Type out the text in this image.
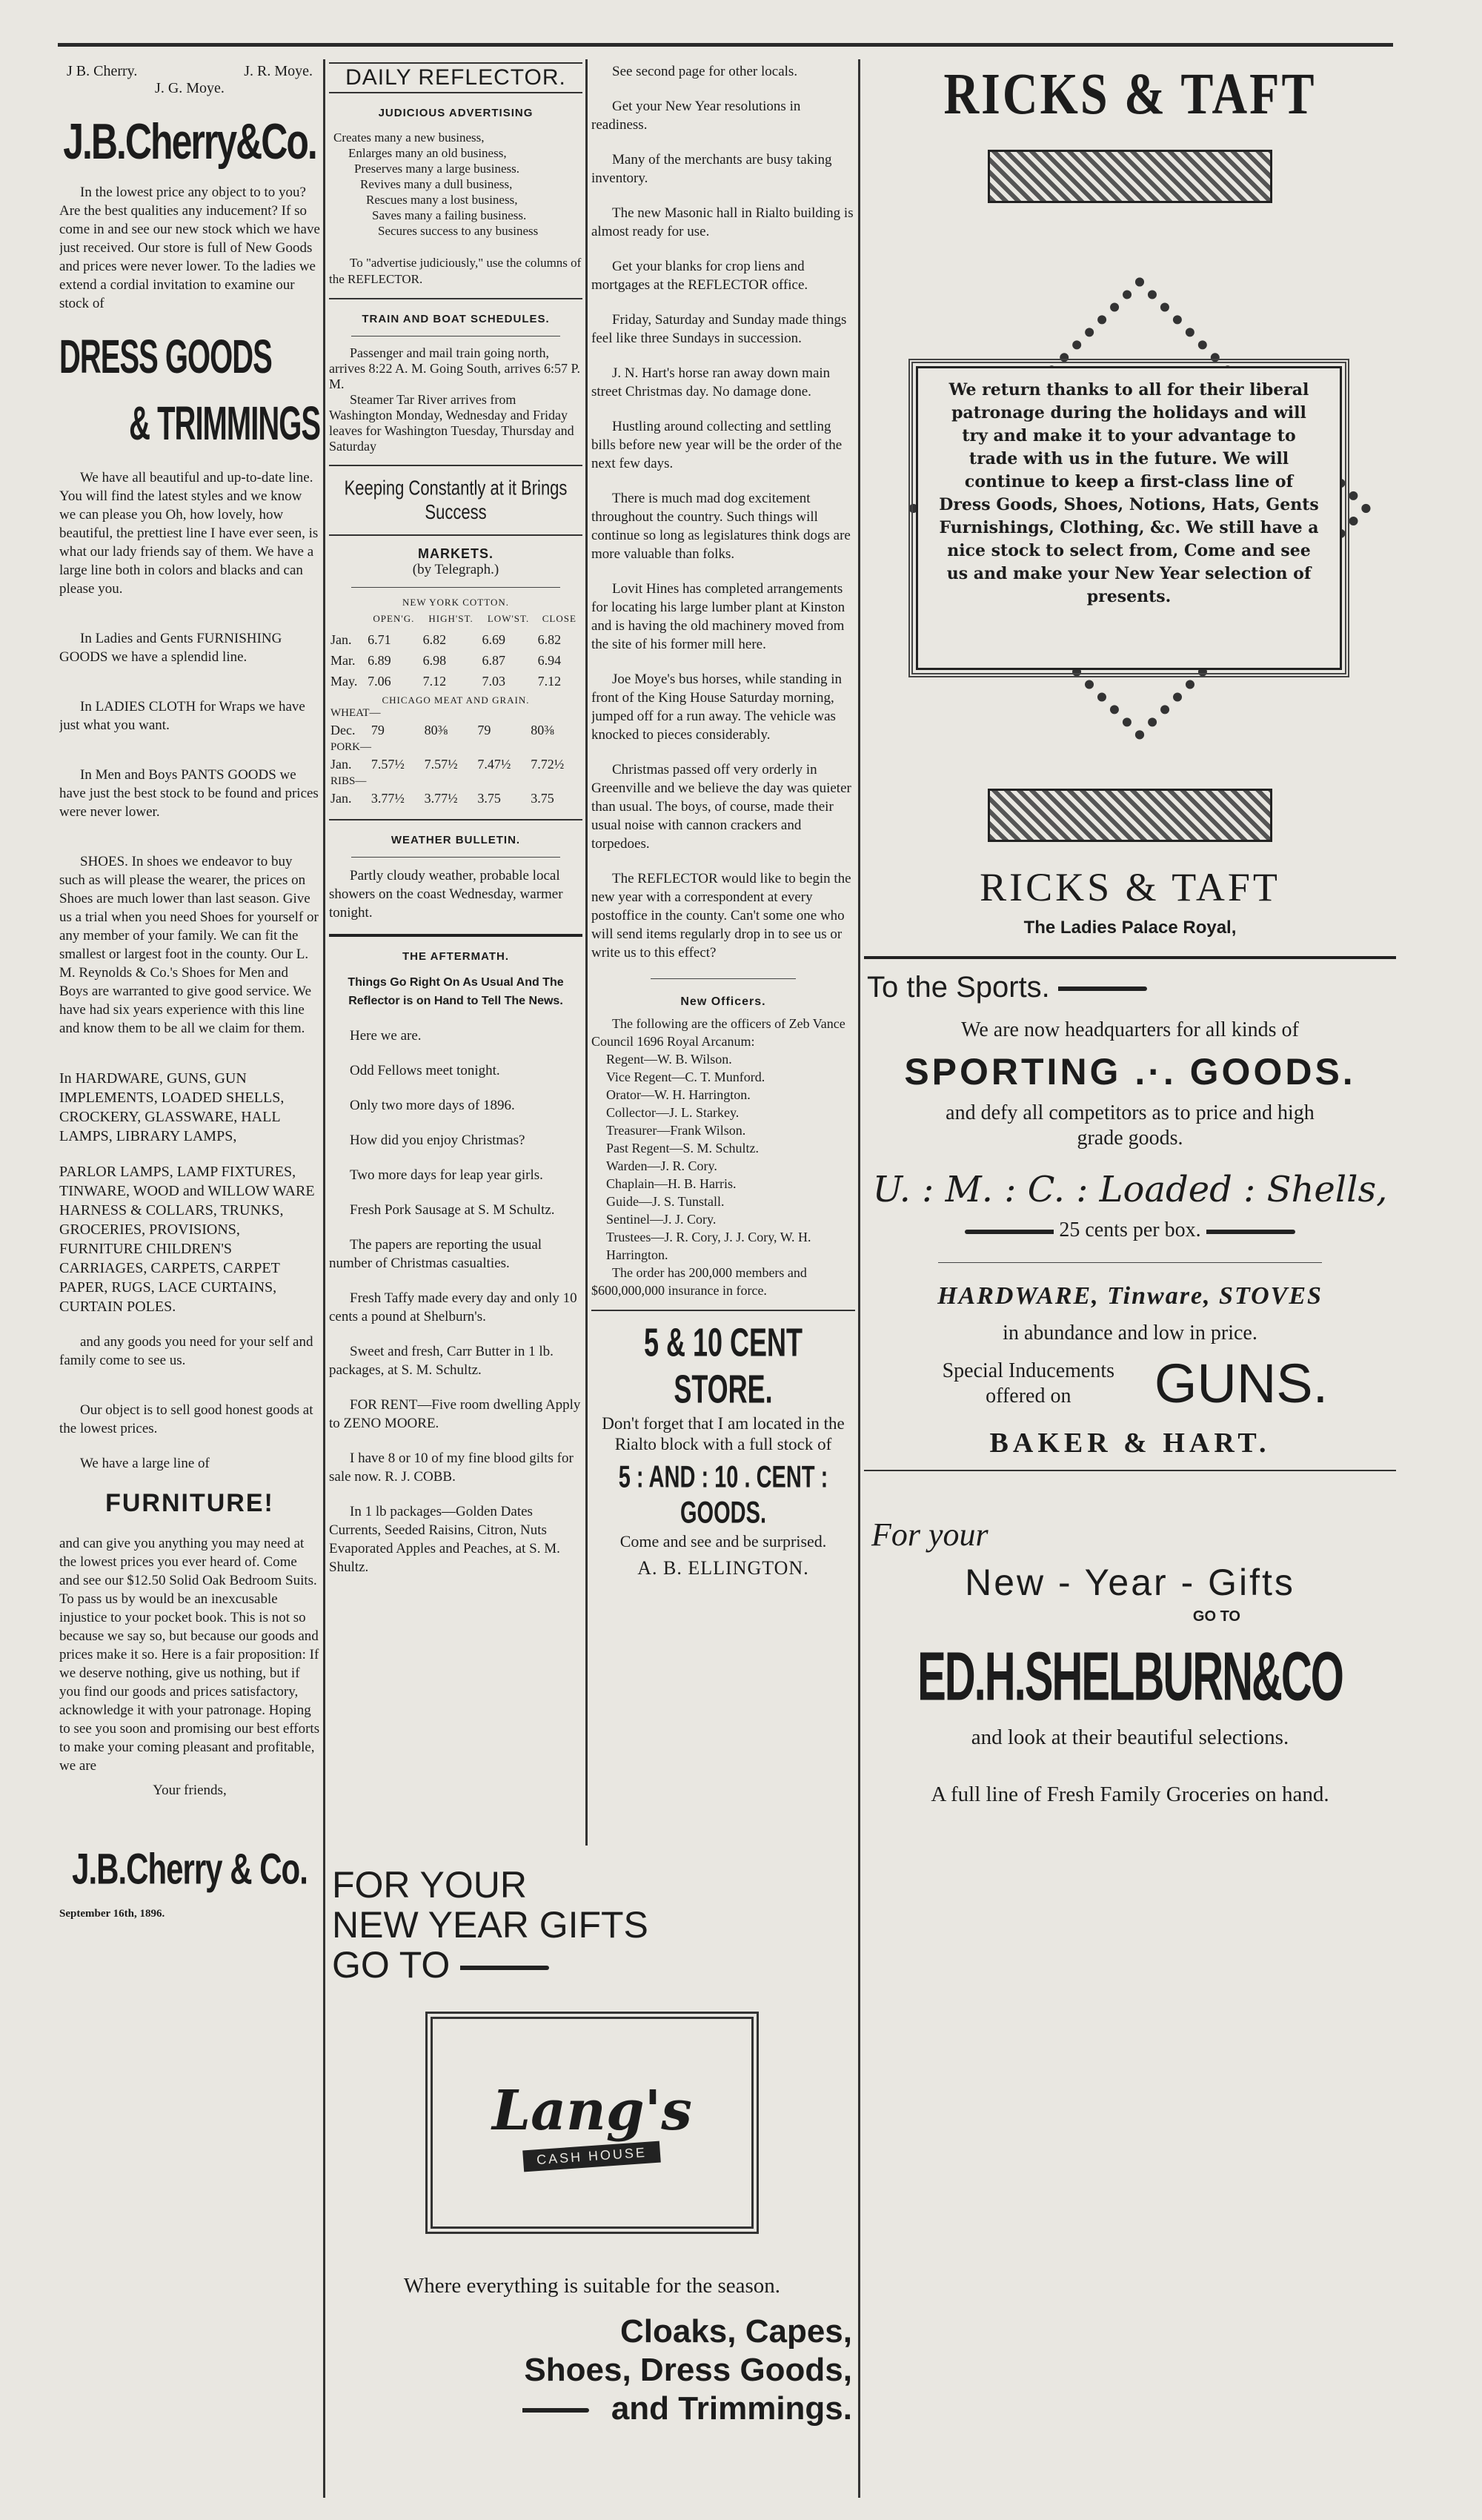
J B. Cherry.	J. R. Moye.

J. G. Moye.

J.B.Cherry&Co.

In the lowest price any object to to you? Are the best qualities any inducement? If so come in and see our new stock which we have just received. Our store is full of New Goods and prices were never lower. To the ladies we extend a cordial invitation to examine our stock of

DRESS GOODS

& TRIMMINGS

We have all beautiful and up-to-date line. You will find the latest styles and we know we can please you Oh, how lovely, how beautiful, the prettiest line I have ever seen, is what our lady friends say of them. We have a large line both in colors and blacks and can please you.

In Ladies and Gents FURNISHING GOODS we have a splendid line.

In LADIES CLOTH for Wraps we have just what you want.

In Men and Boys PANTS GOODS we have just the best stock to be found and prices were never lower.

SHOES. In shoes we endeavor to buy such as will please the wearer, the prices on Shoes are much lower than last season. Give us a trial when you need Shoes for yourself or any member of your family. We can fit the smallest or largest foot in the county. Our L. M. Reynolds & Co.'s Shoes for Men and Boys are warranted to give good service. We have had six years experience with this line and know them to be all we claim for them.

In HARDWARE, GUNS, GUN IMPLEMENTS, LOADED SHELLS, CROCKERY, GLASSWARE, HALL LAMPS, LIBRARY LAMPS,

PARLOR LAMPS, LAMP FIXTURES, TINWARE, WOOD and WILLOW WARE HARNESS & COLLARS, TRUNKS, GROCERIES, PROVISIONS, FURNITURE CHILDREN'S CARRIAGES, CARPETS, CARPET PAPER, RUGS, LACE CURTAINS, CURTAIN POLES.

and any goods you need for your self and family come to see us.

Our object is to sell good honest goods at the lowest prices.

We have a large line of

FURNITURE!

and can give you anything you may need at the lowest prices you ever heard of. Come and see our $12.50 Solid Oak Bedroom Suits. To pass us by would be an inexcusable injustice to your pocket book. This is not so because we say so, but because our goods and prices make it so. Here is a fair proposition: If we deserve nothing, give us nothing, but if you find our goods and prices satisfactory, acknowledge it with your patronage. Hoping to see you soon and promising our best efforts to make your coming pleasant and profitable, we are

Your friends,

J.B.Cherry & Co.

September 16th, 1896.

DAILY REFLECTOR.

JUDICIOUS ADVERTISING

Creates many a new business,

Enlarges many an old business,

Preserves many a large business.

Revives many a dull business,

Rescues many a lost business,

Saves many a failing business.

Secures success to any business

To "advertise judiciously," use the columns of the REFLECTOR.

TRAIN AND BOAT SCHEDULES.

Passenger and mail train going north, arrives 8:22 A. M. Going South, arrives 6:57 P. M.

Steamer Tar River arrives from Washington Monday, Wednesday and Friday leaves for Washington Tuesday, Thursday and Saturday

Keeping Constantly at it Brings Success

MARKETS.

(by Telegraph.)

NEW YORK COTTON.

	OPEN'G.	HIGH'ST.	LOW'ST.	CLOSE
Jan.	6.71	6.82	6.69	6.82
Mar.	6.89	6.98	6.87	6.94
May.	7.06	7.12	7.03	7.12

CHICAGO MEAT AND GRAIN.

WHEAT—				
Dec.	79	80⅜	79	80⅜
PORK—				
Jan.	7.57½	7.57½	7.47½	7.72½
RIBS—				
Jan.	3.77½	3.77½	3.75	3.75

WEATHER BULLETIN.

Partly cloudy weather, probable local showers on the coast Wednesday, warmer tonight.

THE AFTERMATH.

Things Go Right On As Usual And The Reflector is on Hand to Tell The News.

Here we are.

Odd Fellows meet tonight.

Only two more days of 1896.

How did you enjoy Christmas?

Two more days for leap year girls.

Fresh Pork Sausage at S. M Schultz.

The papers are reporting the usual number of Christmas casualties.

Fresh Taffy made every day and only 10 cents a pound at Shelburn's.

Sweet and fresh, Carr Butter in 1 lb. packages, at S. M. Schultz.

FOR RENT—Five room dwelling Apply to ZENO MOORE.

I have 8 or 10 of my fine blood gilts for sale now. R. J. COBB.

In 1 lb packages—Golden Dates Currents, Seeded Raisins, Citron, Nuts Evaporated Apples and Peaches, at S. M. Shultz.

See second page for other locals.

Get your New Year resolutions in readiness.

Many of the merchants are busy taking inventory.

The new Masonic hall in Rialto building is almost ready for use.

Get your blanks for crop liens and mortgages at the REFLECTOR office.

Friday, Saturday and Sunday made things feel like three Sundays in succession.

J. N. Hart's horse ran away down main street Christmas day. No damage done.

Hustling around collecting and settling bills before new year will be the order of the next few days.

There is much mad dog excitement throughout the country. Such things will continue so long as legislatures think dogs are more valuable than folks.

Lovit Hines has completed arrangements for locating his large lumber plant at Kinston and is having the old machinery moved from the site of his former mill here.

Joe Moye's bus horses, while standing in front of the King House Saturday morning, jumped off for a run away. The vehicle was knocked to pieces considerably.

Christmas passed off very orderly in Greenville and we believe the day was quieter than usual. The boys, of course, made their usual noise with cannon crackers and torpedoes.

The REFLECTOR would like to begin the new year with a correspondent at every postoffice in the county. Can't some one who will send items regularly drop in to see us or write us to this effect?

New Officers.

The following are the officers of Zeb Vance Council 1696 Royal Arcanum:

Regent—W. B. Wilson.

Vice Regent—C. T. Munford.

Orator—W. H. Harrington.

Collector—J. L. Starkey.

Treasurer—Frank Wilson.

Past Regent—S. M. Schultz.

Warden—J. R. Cory.

Chaplain—H. B. Harris.

Guide—J. S. Tunstall.

Sentinel—J. J. Cory.

Trustees—J. R. Cory, J. J. Cory, W. H. Harrington.

The order has 200,000 members and $600,000,000 insurance in force.

5 & 10 CENT STORE.

Don't forget that I am located in the Rialto block with a full stock of

5 : AND : 10 . CENT : GOODS.

Come and see and be surprised.

A. B. ELLINGTON.

FOR YOUR

NEW YEAR GIFTS

GO TO

Lang's
CASH HOUSE

Where everything is suitable for the season.

Cloaks, Capes,

Shoes, Dress Goods,

and Trimmings.

RICKS & TAFT

We return thanks to all for their liberal patronage during the holidays and will try and make it to your advantage to trade with us in the future. We will continue to keep a first-class line of Dress Goods, Shoes, Notions, Hats, Gents Furnishings, Clothing, &c. We still have a nice stock to select from, Come and see us and make your New Year selection of presents.

RICKS & TAFT

The Ladies Palace Royal,

To the Sports.

We are now headquarters for all kinds of

SPORTING .·. GOODS.

and defy all competitors as to price and high grade goods.

U. : M. : C. : Loaded : Shells,

25 cents per box.

HARDWARE, Tinware, STOVES

in abundance and low in price.

Special Inducements offered on	GUNS.

BAKER & HART.

For your

New - Year - Gifts

GO TO

ED.H.SHELBURN&CO

and look at their beautiful selections.

A full line of Fresh Family Groceries on hand.
